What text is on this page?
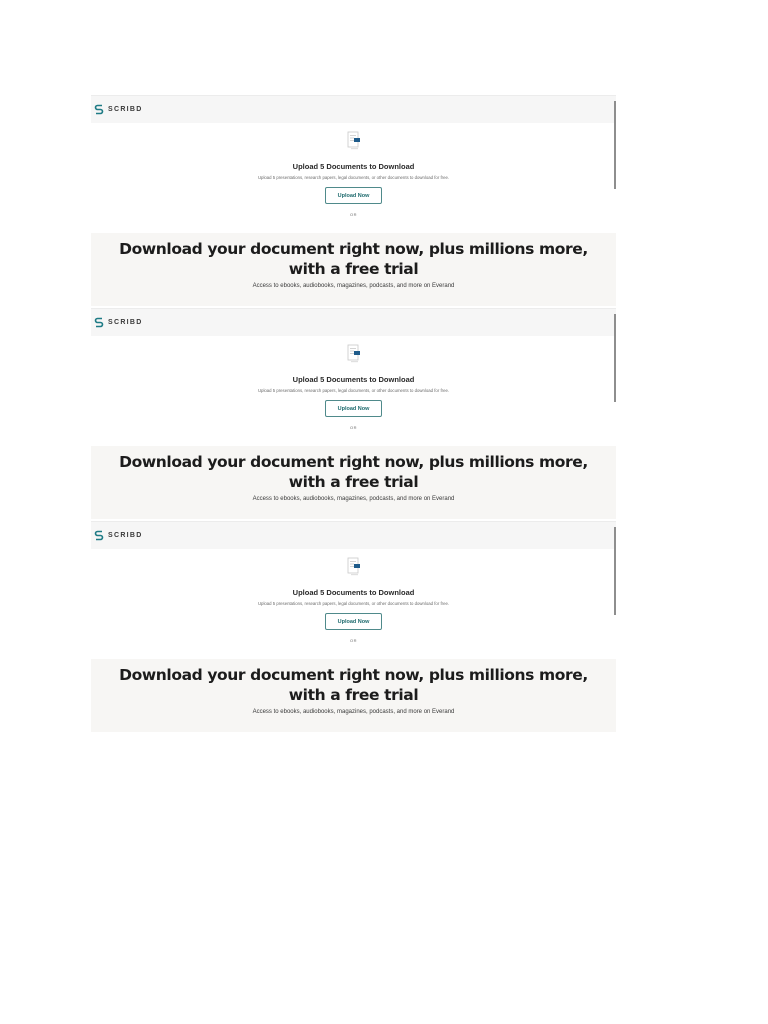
SCRIBD
Upload 5 Documents to Download
Upload 5 presentations, research papers, legal documents, or other documents to download for free.
Upload Now
OR
Download your document right now, plus millions more, with a free trial
Access to ebooks, audiobooks, magazines, podcasts, and more on Everand
SCRIBD
Upload 5 Documents to Download
Upload 5 presentations, research papers, legal documents, or other documents to download for free.
Upload Now
OR
Download your document right now, plus millions more, with a free trial
Access to ebooks, audiobooks, magazines, podcasts, and more on Everand
SCRIBD
Upload 5 Documents to Download
Upload 5 presentations, research papers, legal documents, or other documents to download for free.
Upload Now
OR
Download your document right now, plus millions more, with a free trial
Access to ebooks, audiobooks, magazines, podcasts, and more on Everand
